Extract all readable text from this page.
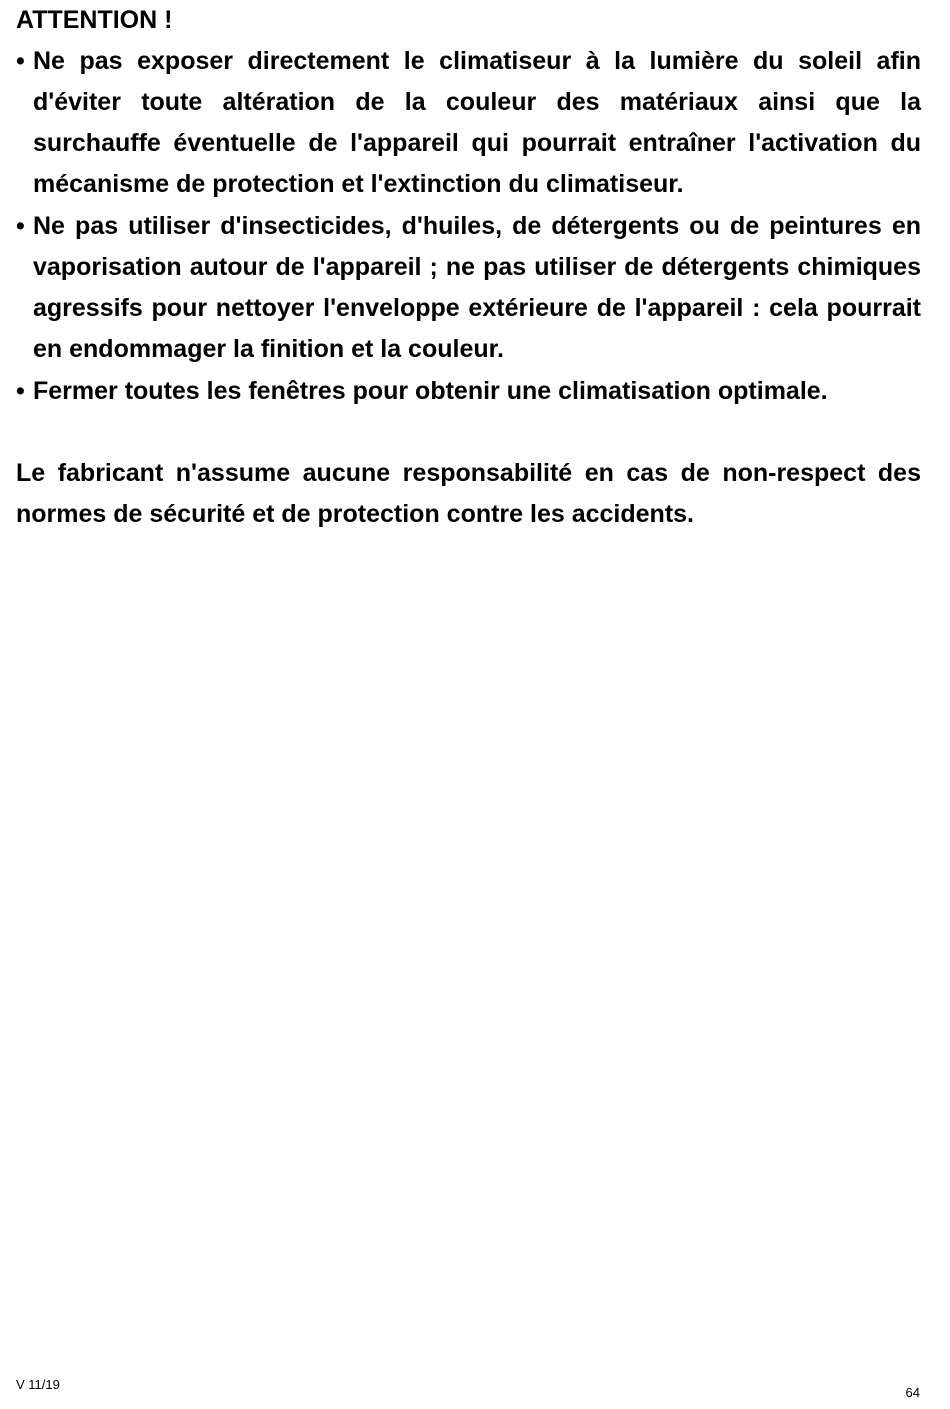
ATTENTION !
• Ne pas exposer directement le climatiseur à la lumière du soleil afin d'éviter toute altération de la couleur des matériaux ainsi que la surchauffe éventuelle de l'appareil qui pourrait entraîner l'activation du mécanisme de protection et l'extinction du climatiseur.
• Ne pas utiliser d'insecticides, d'huiles, de détergents ou de peintures en vaporisation autour de l'appareil ; ne pas utiliser de détergents chimiques agressifs pour nettoyer l'enveloppe extérieure de l'appareil : cela pourrait en endommager la finition et la couleur.
• Fermer toutes les fenêtres pour obtenir une climatisation optimale.

Le fabricant n'assume aucune responsabilité en cas de non-respect des normes de sécurité et de protection contre les accidents.

V 11/19
64
